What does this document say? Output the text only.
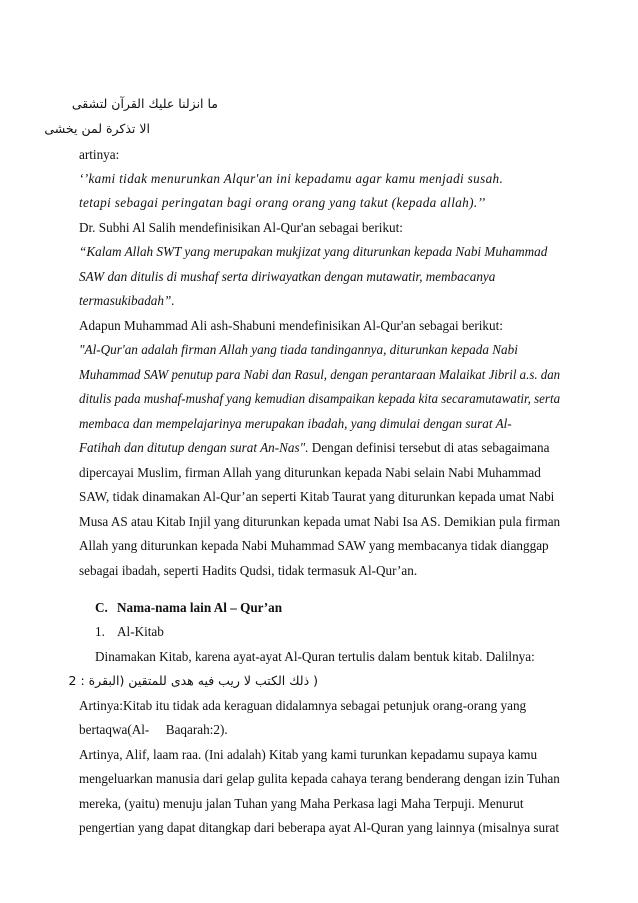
ما انزلنا عليك القرآن لتشقى
الا تذكرة لمن يخشى
artinya:
‘’kami tidak menurunkan Alqur'an ini kepadamu agar kamu menjadi susah.
tetapi sebagai peringatan bagi orang orang yang takut (kepada allah).’’
Dr. Subhi Al Salih mendefinisikan Al-Qur'an sebagai berikut:
“Kalam Allah SWT yang merupakan mukjizat yang diturunkan kepada Nabi Muhammad
SAW dan ditulis di mushaf serta diriwayatkan dengan mutawatir, membacanya
termasukibadah”.
Adapun Muhammad Ali ash-Shabuni mendefinisikan Al-Qur'an sebagai berikut:
"Al-Qur'an adalah firman Allah yang tiada tandingannya, diturunkan kepada Nabi
Muhammad SAW penutup para Nabi dan Rasul, dengan perantaraan Malaikat Jibril a.s. dan
ditulis pada mushaf-mushaf yang kemudian disampaikan kepada kita secaramutawatir, serta
membaca dan mempelajarinya merupakan ibadah, yang dimulai dengan surat Al-
Fatihah dan ditutup dengan surat An-Nas". Dengan definisi tersebut di atas sebagaimana
dipercayai Muslim, firman Allah yang diturunkan kepada Nabi selain Nabi Muhammad
SAW, tidak dinamakan Al-Qur’an seperti Kitab Taurat yang diturunkan kepada umat Nabi
Musa AS atau Kitab Injil yang diturunkan kepada umat Nabi Isa AS. Demikian pula firman
Allah yang diturunkan kepada Nabi Muhammad SAW yang membacanya tidak dianggap
sebagai ibadah, seperti Hadits Qudsi, tidak termasuk Al-Qur’an.
C. Nama-nama lain Al – Qur’an
1. Al-Kitab
Dinamakan Kitab, karena ayat-ayat Al-Quran tertulis dalam bentuk kitab. Dalilnya:
( ذلك الكتب لا ريب فيه هدى للمتقين (البقرة : 2
Artinya:Kitab itu tidak ada keraguan didalamnya sebagai petunjuk orang-orang yang
bertaqwa(Al-     Baqarah:2).
Artinya, Alif, laam raa. (Ini adalah) Kitab yang kami turunkan kepadamu supaya kamu
mengeluarkan manusia dari gelap gulita kepada cahaya terang benderang dengan izin Tuhan
mereka, (yaitu) menuju jalan Tuhan yang Maha Perkasa lagi Maha Terpuji. Menurut
pengertian yang dapat ditangkap dari beberapa ayat Al-Quran yang lainnya (misalnya surat
